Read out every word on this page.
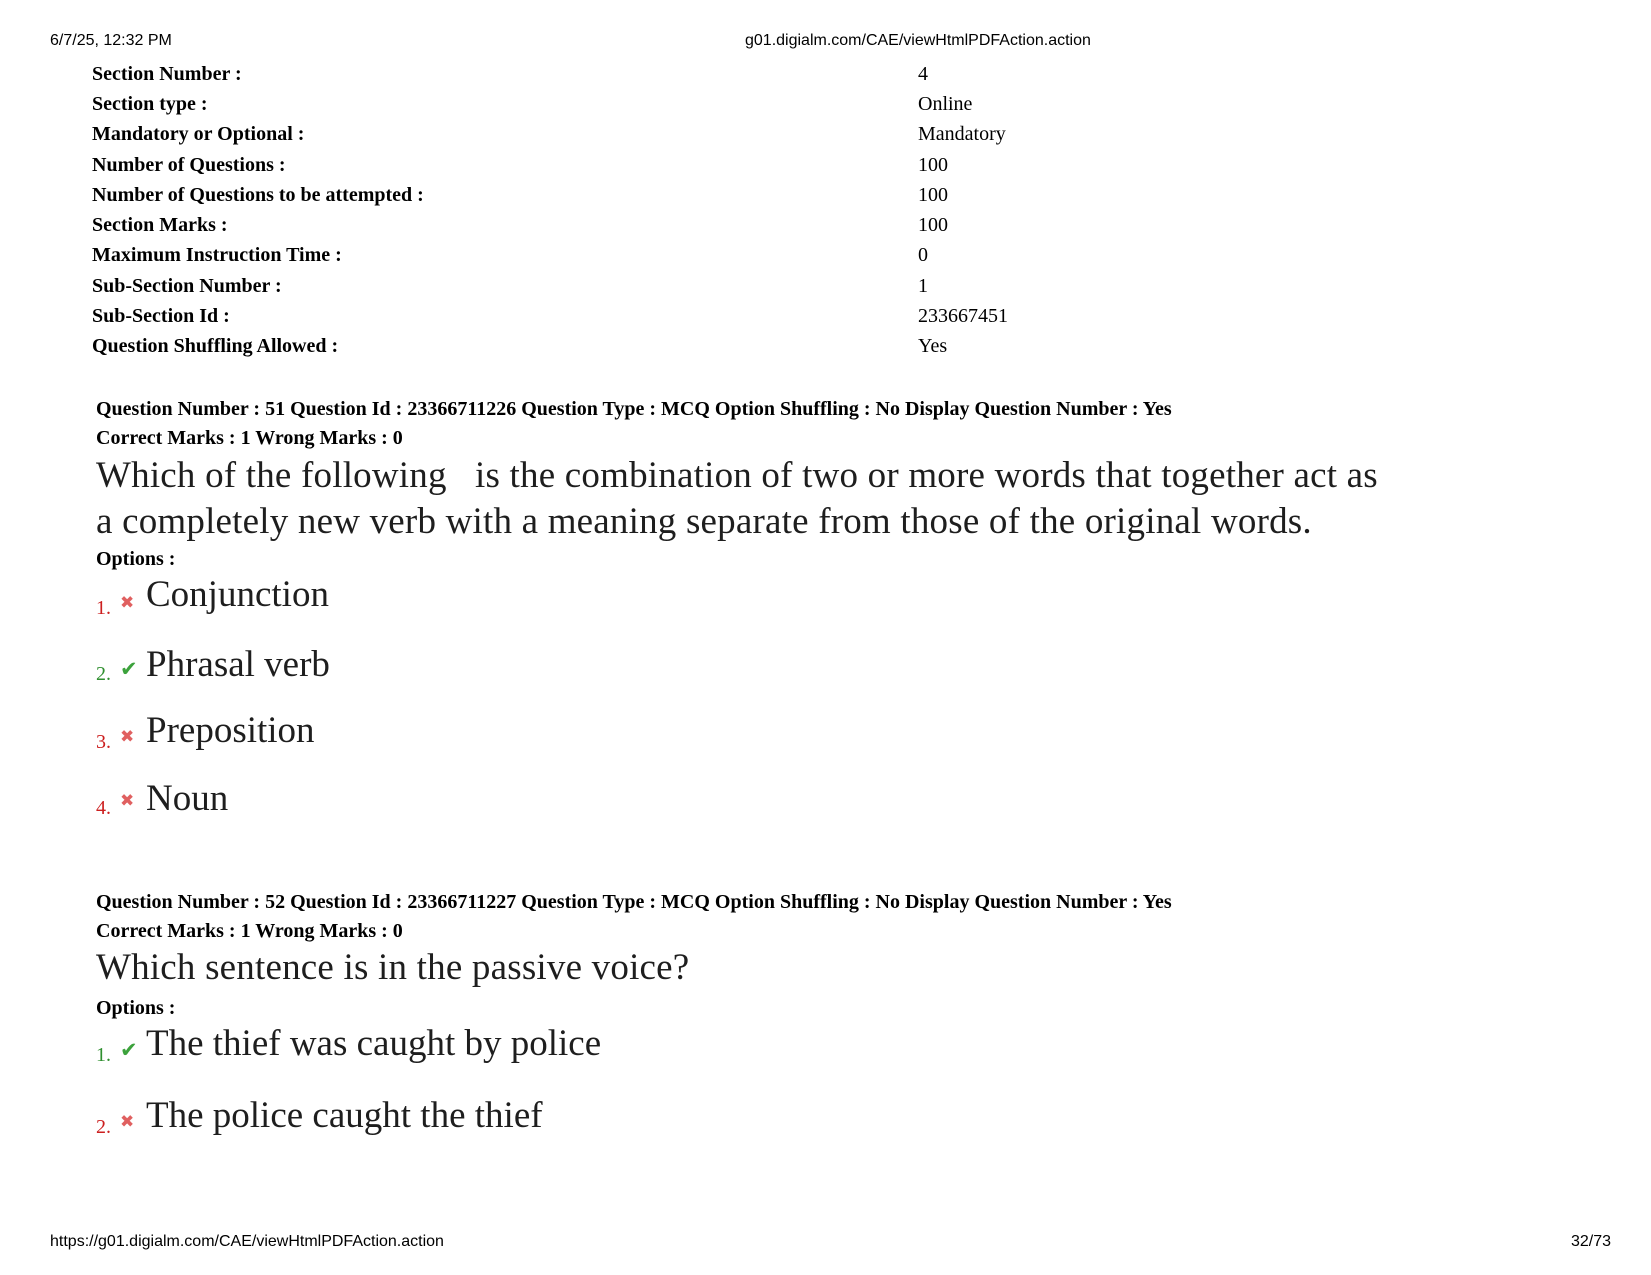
6/7/25, 12:32 PM	g01.digialm.com/CAE/viewHtmlPDFAction.action
Section Number :	4
Section type :	Online
Mandatory or Optional :	Mandatory
Number of Questions :	100
Number of Questions to be attempted :	100
Section Marks :	100
Maximum Instruction Time :	0
Sub-Section Number :	1
Sub-Section Id :	233667451
Question Shuffling Allowed :	Yes
Question Number : 51 Question Id : 23366711226 Question Type : MCQ Option Shuffling : No Display Question Number : Yes
Correct Marks : 1 Wrong Marks : 0
Which of the following   is the combination of two or more words that together act as
a completely new verb with a meaning separate from those of the original words.
Options :
1. ✖ Conjunction
2. ✔ Phrasal verb
3. ✖ Preposition
4. ✖ Noun
Question Number : 52 Question Id : 23366711227 Question Type : MCQ Option Shuffling : No Display Question Number : Yes
Correct Marks : 1 Wrong Marks : 0
Which sentence is in the passive voice?
Options :
1. ✔ The thief was caught by police
2. ✖ The police caught the thief
https://g01.digialm.com/CAE/viewHtmlPDFAction.action	32/73
